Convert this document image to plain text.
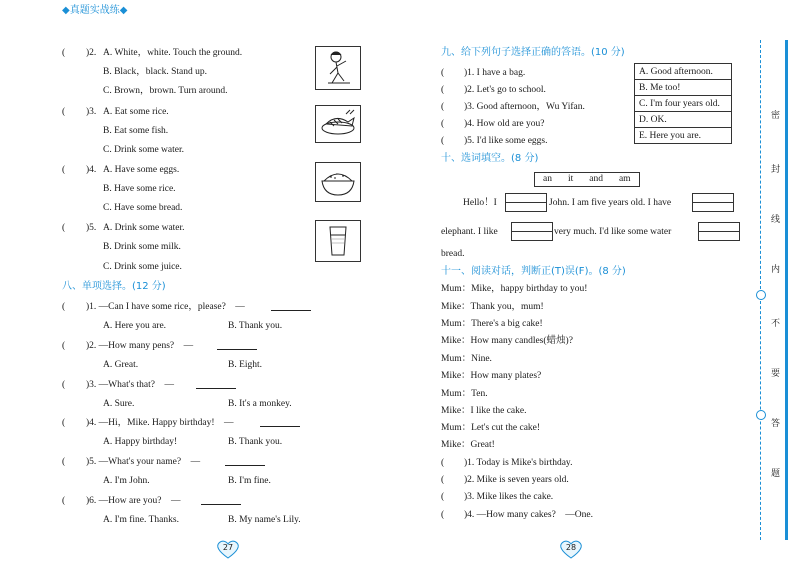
◆真题实战练◆
( )2. A. White，white. Touch the ground.
B. Black，black. Stand up.
C. Brown，brown. Turn around.
( )3. A. Eat some rice.
B. Eat some fish.
C. Drink some water.
( )4. A. Have some eggs.
B. Have some rice.
C. Have some bread.
( )5. A. Drink some water.
B. Drink some milk.
C. Drink some juice.
八、单项选择。(12 分)
( )1. —Can I have some rice，please?　—
A. Here you are.	B. Thank you.
( )2. —How many pens?　—
A. Great.	B. Eight.
( )3. —What's that?　—
A. Sure.	B. It's a monkey.
( )4. —Hi，Mike. Happy birthday!　—
A. Happy birthday!	B. Thank you.
( )5. —What's your name?　—
A. I'm John.	B. I'm fine.
( )6. —How are you?　—
A. I'm fine. Thanks.	B. My name's Lily.
27
九、给下列句子选择正确的答语。(10 分)
( )1. I have a bag.
( )2. Let's go to school.
( )3. Good afternoon，Wu Yifan.
( )4. How old are you?
( )5. I'd like some eggs.
A. Good afternoon.
B. Me too!
C. I'm four years old.
D. OK.
E. Here you are.
十、选词填空。(8 分)
an it and am
Hello！I	John. I am five years old. I have
elephant. I like	very much. I'd like some water
bread.
十一、阅读对话，判断正(T)误(F)。(8 分)
Mum：Mike，happy birthday to you!
Mike：Thank you，mum!
Mum：There's a big cake!
Mike：How many candles(蜡烛)?
Mum：Nine.
Mike：How many plates?
Mum：Ten.
Mike：I like the cake.
Mum：Let's cut the cake!
Mike：Great!
( )1. Today is Mike's birthday.
( )2. Mike is seven years old.
( )3. Mike likes the cake.
( )4. —How many cakes?　—One.
28
密
封
线
内
不
要
答
题
